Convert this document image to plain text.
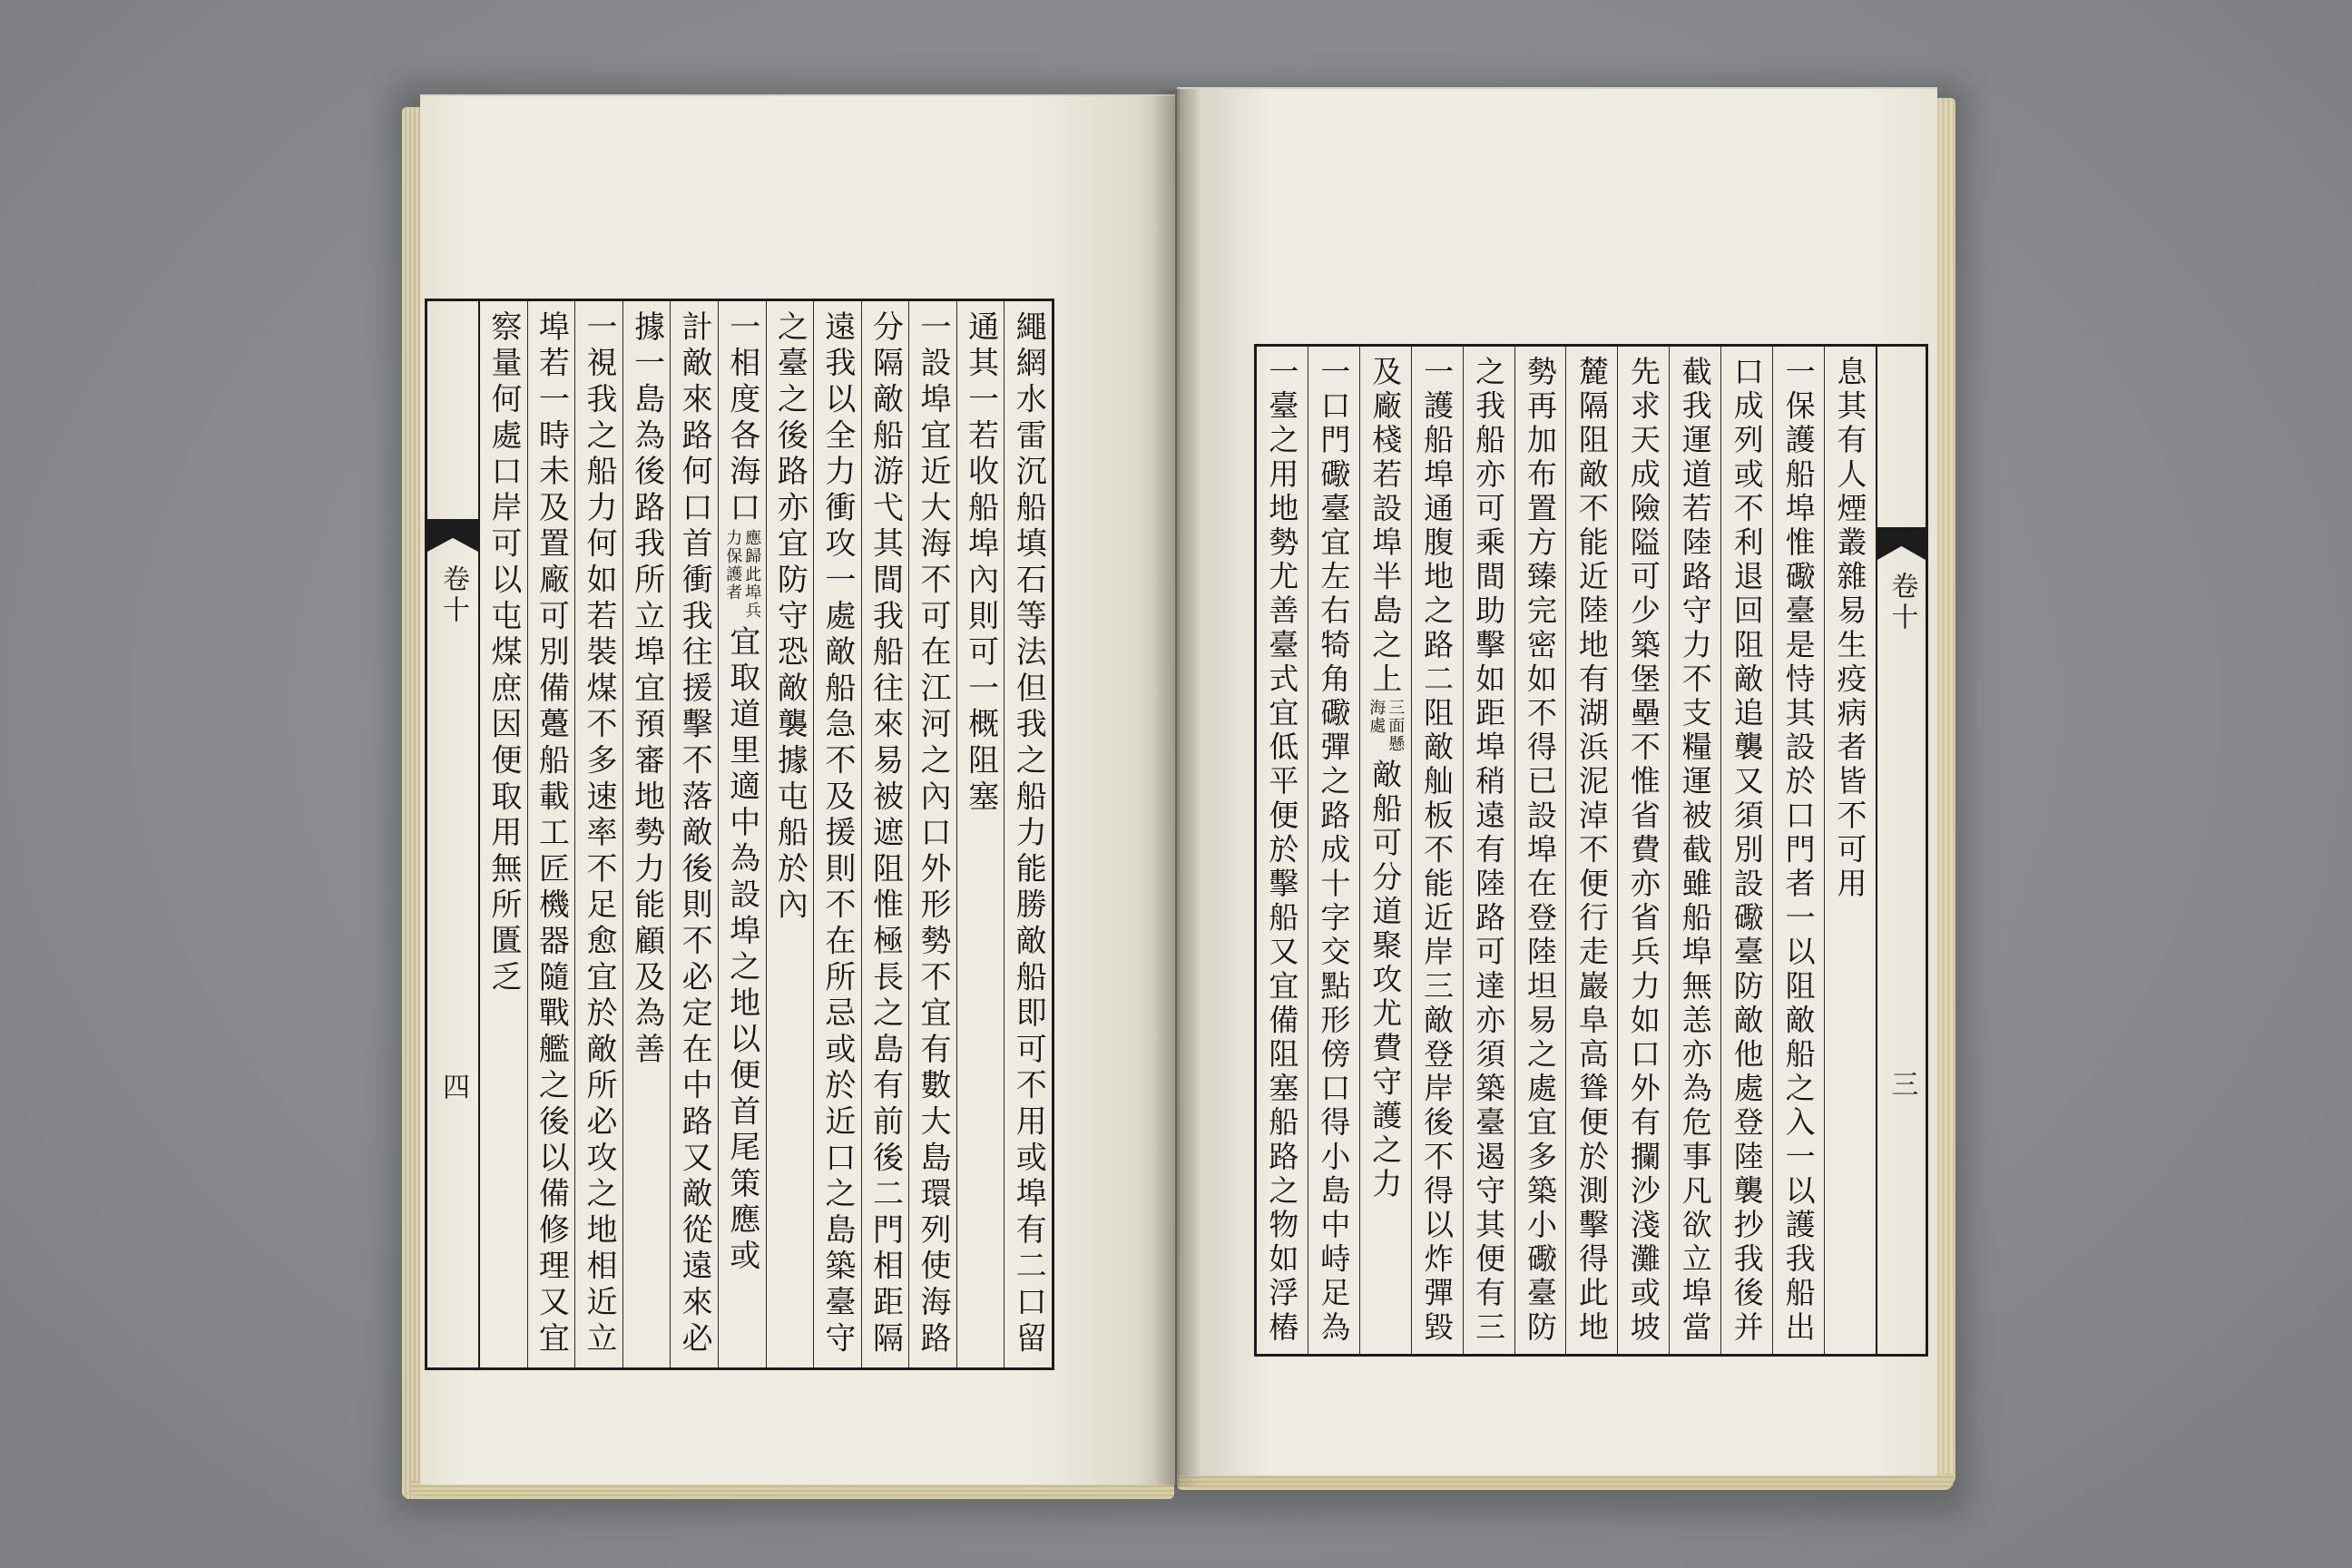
卷十
四	繩網水雷沉船填石等法但我之船力能勝敵船即可不用或埠有二口留
通其一若收船埠內則可一概阻塞
一設埠宜近大海不可在江河之內口外形勢不宜有數大島環列使海路
分隔敵船游弋其間我船往來易被遮阻惟極長之島有前後二門相距隔
遠我以全力衝攻一處敵船急不及援則不在所忌或於近口之島築臺守
之臺之後路亦宜防守恐敵襲據屯船於內
一相度各海口
應歸此埠兵
力保護者
宜取道里適中為設埠之地以便首尾策應或
計敵來路何口首衝我往援擊不落敵後則不必定在中路又敵從遠來必
據一島為後路我所立埠宜預審地勢力能顧及為善
一視我之船力何如若裝煤不多速率不足愈宜於敵所必攻之地相近立
埠若一時未及置廠可別備躉船載工匠機器隨戰艦之後以備修理又宜
察量何處口岸可以屯煤庶因便取用無所匱乏	息其有人煙叢雜易生疫病者皆不可用
一保護船埠惟礮臺是恃其設於口門者一以阻敵船之入一以護我船出
口成列或不利退回阻敵追襲又須別設礮臺防敵他處登陸襲抄我後并
截我運道若陸路守力不支糧運被截雖船埠無恙亦為危事凡欲立埠當
先求天成險隘可少築堡壘不惟省費亦省兵力如口外有攔沙淺灘或坡
麓隔阻敵不能近陸地有湖浜泥淖不便行走巖阜高聳便於測擊得此地
勢再加布置方臻完密如不得已設埠在登陸坦易之處宜多築小礮臺防
之我船亦可乘間助擊如距埠稍遠有陸路可達亦須築臺遏守其便有三
一護船埠通腹地之路二阻敵舢板不能近岸三敵登岸後不得以炸彈毀
及廠棧若設埠半島之上
三面懸
海處
敵船可分道聚攻尤費守護之力
一口門礮臺宜左右犄角礮彈之路成十字交點形傍口得小島中峙足為
一臺之用地勢尤善臺式宜低平便於擊船又宜備阻塞船路之物如浮樁	卷十
三
